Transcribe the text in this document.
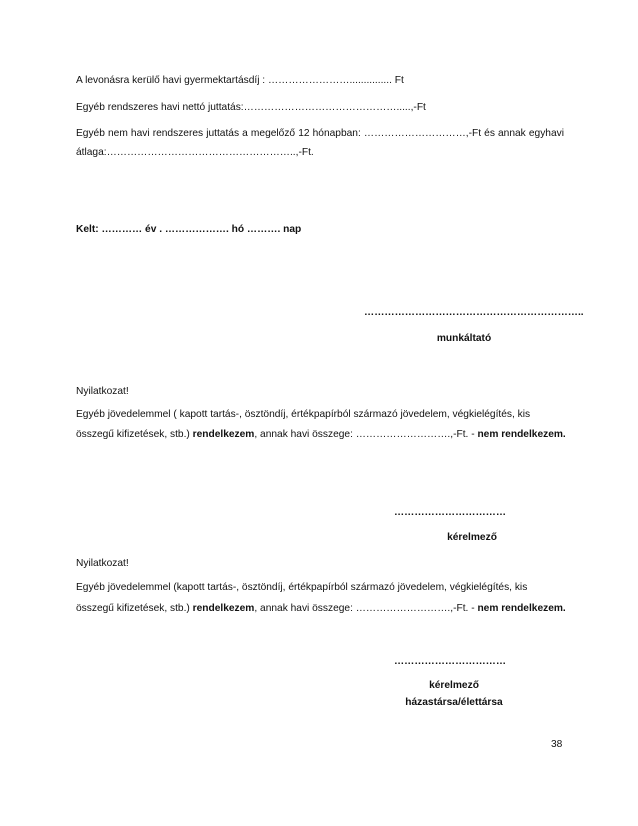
A levonásra kerülő havi gyermektartásdíj : ……………………............... Ft
Egyéb rendszeres havi nettó juttatás:……………………………………….....,-Ft
Egyéb nem havi rendszeres juttatás a megelőző 12 hónapban: …………………………,-Ft és annak egyhavi
átlaga:………………………………………………..,-Ft.
Kelt: ………… év . ………………. hó ………. nap
………………………………………………………..
munkáltató
Nyilatkozat!
Egyéb jövedelemmel ( kapott tartás-, ösztöndíj, értékpapírból származó jövedelem, végkielégítés, kis
összegű kifizetések, stb.) rendelkezem, annak havi összege: ……………………….,-Ft. - nem rendelkezem.
……………………………
kérelmező
Nyilatkozat!
Egyéb jövedelemmel (kapott tartás-, ösztöndíj, értékpapírból származó jövedelem, végkielégítés, kis
összegű kifizetések, stb.) rendelkezem, annak havi összege: ……………………….,-Ft. - nem rendelkezem.
……………………………
kérelmező
házastársa/élettársa
38
